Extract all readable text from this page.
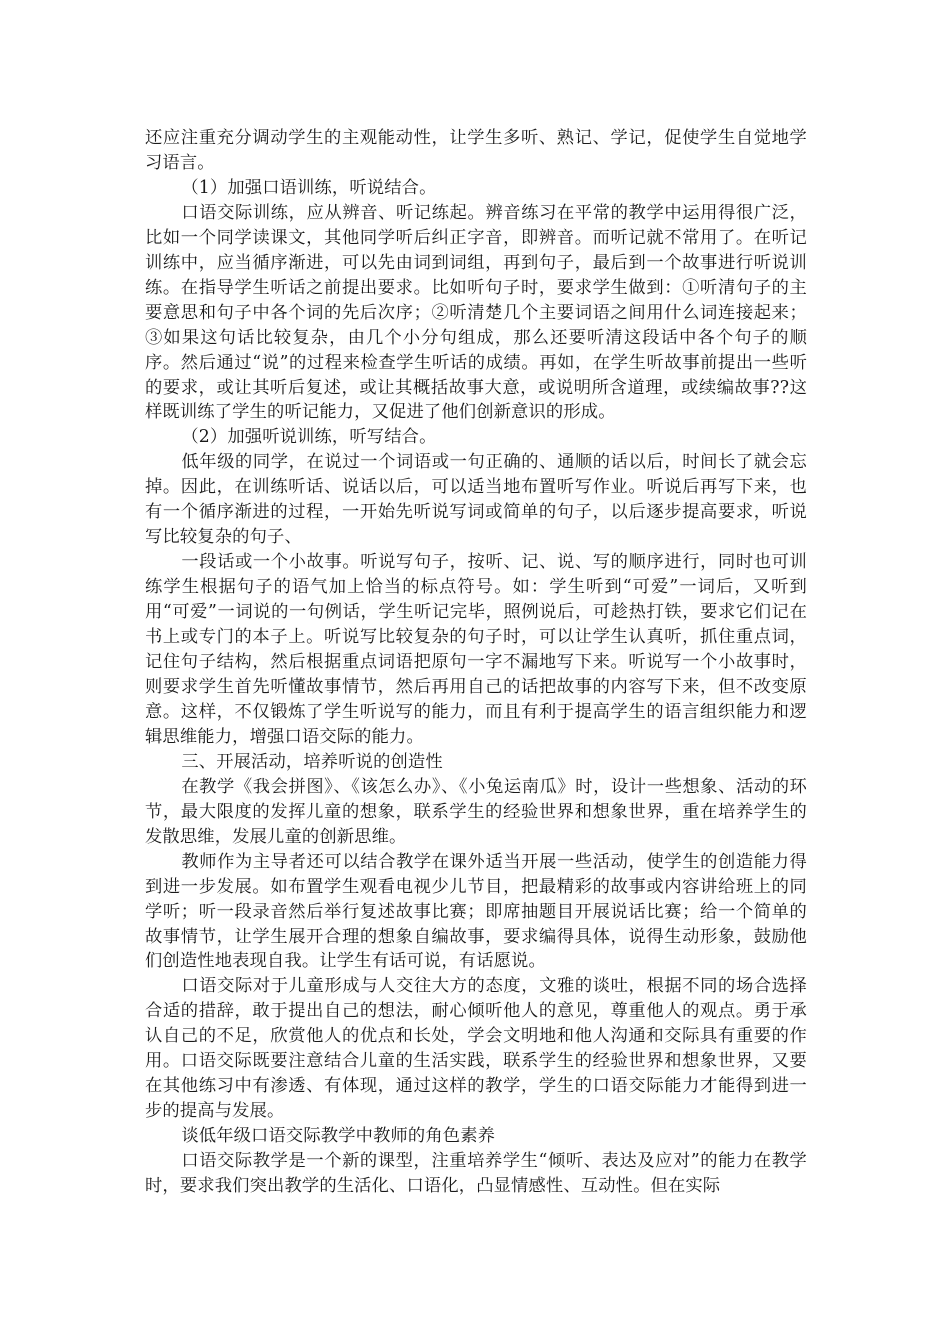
还应注重充分调动学生的主观能动性，让学生多听、熟记、学记，促使学生自觉地学习语言。

（1）加强口语训练，听说结合。

口语交际训练，应从辨音、听记练起。辨音练习在平常的教学中运用得很广泛，比如一个同学读课文，其他同学听后纠正字音，即辨音。而听记就不常用了。在听记训练中，应当循序渐进，可以先由词到词组，再到句子，最后到一个故事进行听说训练。在指导学生听话之前提出要求。比如听句子时，要求学生做到：①听清句子的主要意思和句子中各个词的先后次序；②听清楚几个主要词语之间用什么词连接起来；③如果这句话比较复杂，由几个小分句组成，那么还要听清这段话中各个句子的顺序。然后通过“说”的过程来检查学生听话的成绩。再如，在学生听故事前提出一些听的要求，或让其听后复述，或让其概括故事大意，或说明所含道理，或续编故事??这样既训练了学生的听记能力，又促进了他们创新意识的形成。

（2）加强听说训练，听写结合。

低年级的同学，在说过一个词语或一句正确的、通顺的话以后，时间长了就会忘掉。因此，在训练听话、说话以后，可以适当地布置听写作业。听说后再写下来，也有一个循序渐进的过程，一开始先听说写词或简单的句子，以后逐步提高要求，听说写比较复杂的句子、

一段话或一个小故事。听说写句子，按听、记、说、写的顺序进行，同时也可训练学生根据句子的语气加上恰当的标点符号。如：学生听到“可爱”一词后，又听到用“可爱”一词说的一句例话，学生听记完毕，照例说后，可趁热打铁，要求它们记在书上或专门的本子上。听说写比较复杂的句子时，可以让学生认真听，抓住重点词，记住句子结构，然后根据重点词语把原句一字不漏地写下来。听说写一个小故事时，则要求学生首先听懂故事情节，然后再用自己的话把故事的内容写下来，但不改变原意。这样，不仅锻炼了学生听说写的能力，而且有利于提高学生的语言组织能力和逻辑思维能力，增强口语交际的能力。

三、开展活动，培养听说的创造性

在教学《我会拼图》、《该怎么办》、《小兔运南瓜》时，设计一些想象、活动的环节，最大限度的发挥儿童的想象，联系学生的经验世界和想象世界，重在培养学生的发散思维，发展儿童的创新思维。

教师作为主导者还可以结合教学在课外适当开展一些活动，使学生的创造能力得到进一步发展。如布置学生观看电视少儿节目，把最精彩的故事或内容讲给班上的同学听；听一段录音然后举行复述故事比赛；即席抽题目开展说话比赛；给一个简单的故事情节，让学生展开合理的想象自编故事，要求编得具体，说得生动形象，鼓励他们创造性地表现自我。让学生有话可说，有话愿说。

口语交际对于儿童形成与人交往大方的态度，文雅的谈吐，根据不同的场合选择合适的措辞，敢于提出自己的想法，耐心倾听他人的意见，尊重他人的观点。勇于承认自己的不足，欣赏他人的优点和长处，学会文明地和他人沟通和交际具有重要的作用。口语交际既要注意结合儿童的生活实践，联系学生的经验世界和想象世界，又要在其他练习中有渗透、有体现，通过这样的教学，学生的口语交际能力才能得到进一步的提高与发展。

谈低年级口语交际教学中教师的角色素养

口语交际教学是一个新的课型，注重培养学生“倾听、表达及应对”的能力在教学时，要求我们突出教学的生活化、口语化，凸显情感性、互动性。但在实际
